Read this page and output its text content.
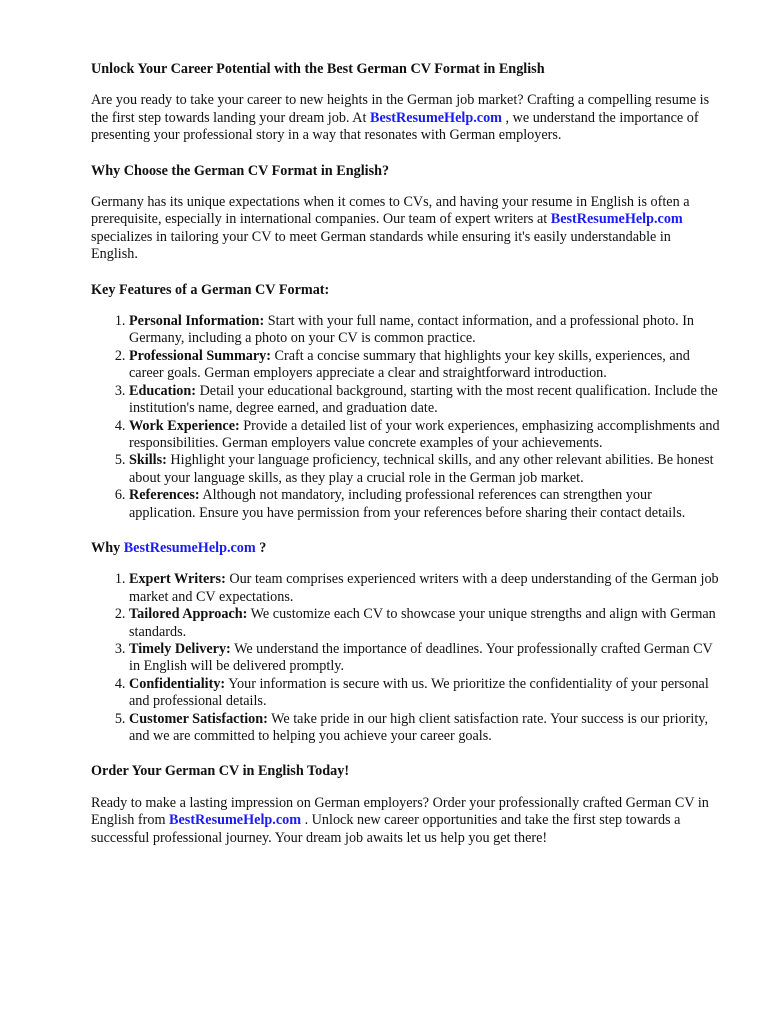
Unlock Your Career Potential with the Best German CV Format in English

Are you ready to take your career to new heights in the German job market? Crafting a compelling resume is the first step towards landing your dream job. At BestResumeHelp.com , we understand the importance of presenting your professional story in a way that resonates with German employers.

Why Choose the German CV Format in English?

Germany has its unique expectations when it comes to CVs, and having your resume in English is often a prerequisite, especially in international companies. Our team of expert writers at BestResumeHelp.com specializes in tailoring your CV to meet German standards while ensuring it's easily understandable in English.

Key Features of a German CV Format:
1. Personal Information: Start with your full name, contact information, and a professional photo. In Germany, including a photo on your CV is common practice.
2. Professional Summary: Craft a concise summary that highlights your key skills, experiences, and career goals. German employers appreciate a clear and straightforward introduction.
3. Education: Detail your educational background, starting with the most recent qualification. Include the institution's name, degree earned, and graduation date.
4. Work Experience: Provide a detailed list of your work experiences, emphasizing accomplishments and responsibilities. German employers value concrete examples of your achievements.
5. Skills: Highlight your language proficiency, technical skills, and any other relevant abilities. Be honest about your language skills, as they play a crucial role in the German job market.
6. References: Although not mandatory, including professional references can strengthen your application. Ensure you have permission from your references before sharing their contact details.
Why BestResumeHelp.com ?
1. Expert Writers: Our team comprises experienced writers with a deep understanding of the German job market and CV expectations.
2. Tailored Approach: We customize each CV to showcase your unique strengths and align with German standards.
3. Timely Delivery: We understand the importance of deadlines. Your professionally crafted German CV in English will be delivered promptly.
4. Confidentiality: Your information is secure with us. We prioritize the confidentiality of your personal and professional details.
5. Customer Satisfaction: We take pride in our high client satisfaction rate. Your success is our priority, and we are committed to helping you achieve your career goals.
Order Your German CV in English Today!

Ready to make a lasting impression on German employers? Order your professionally crafted German CV in English from BestResumeHelp.com . Unlock new career opportunities and take the first step towards a successful professional journey. Your dream job awaits let us help you get there!
